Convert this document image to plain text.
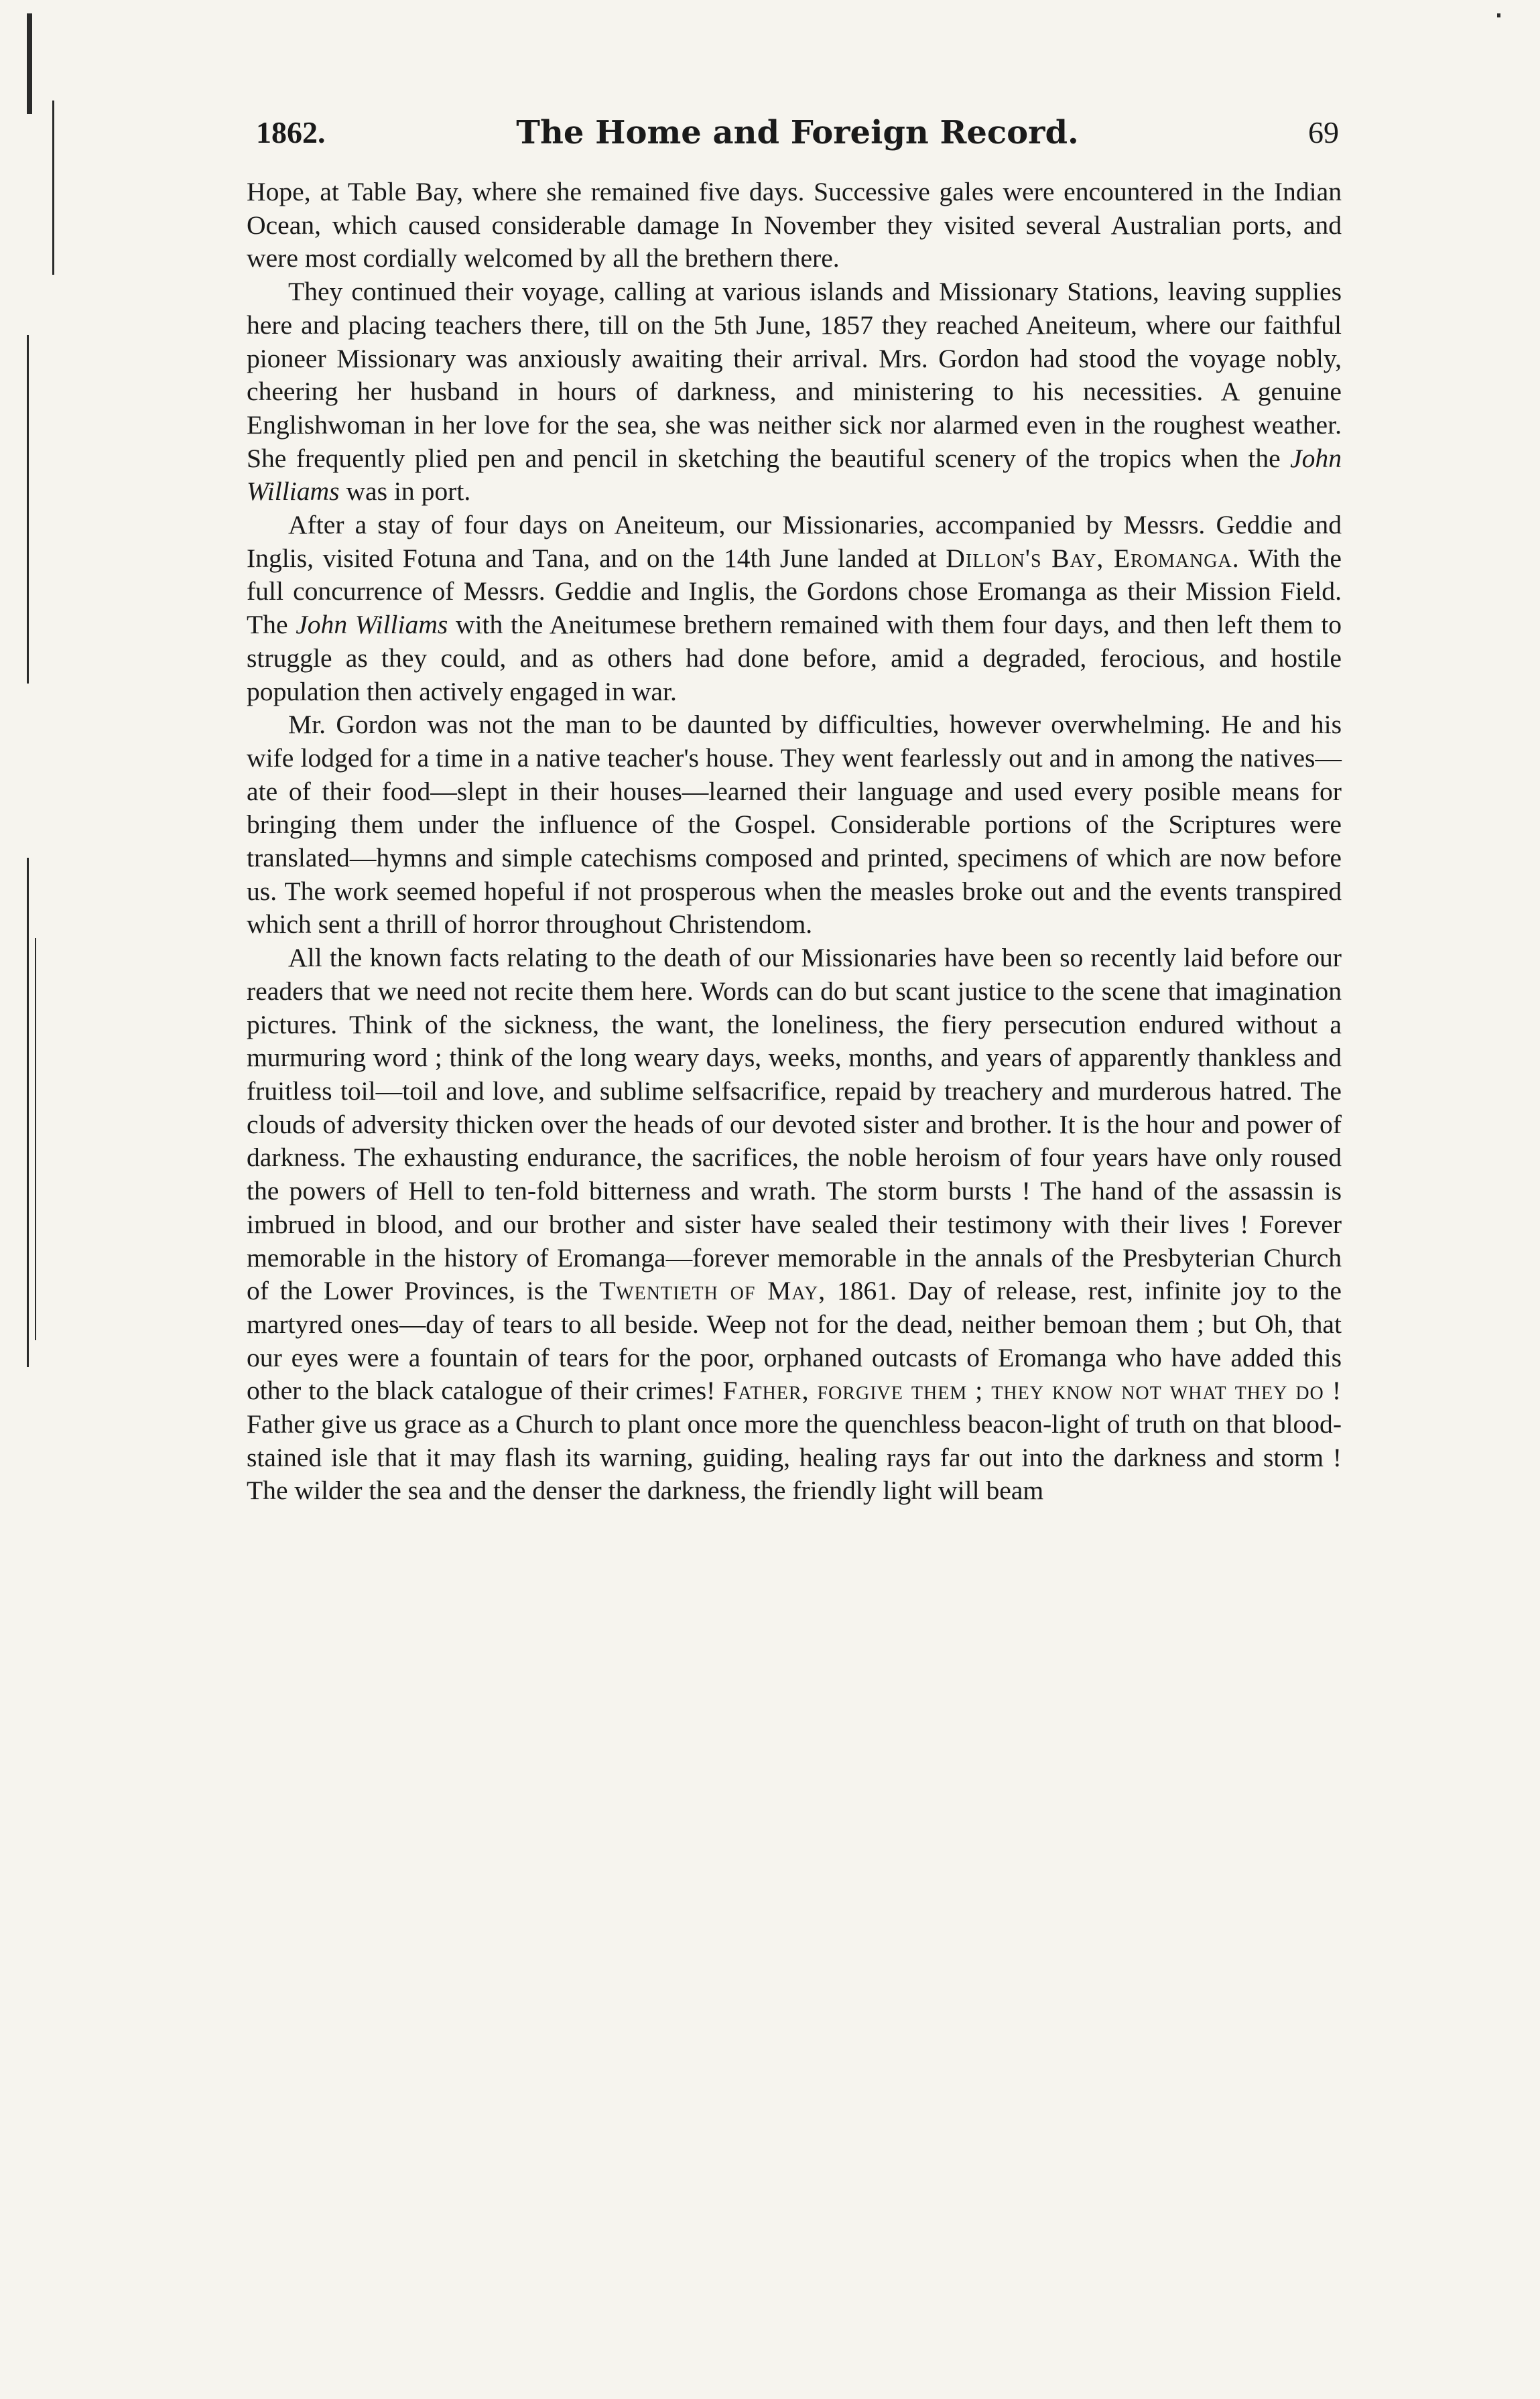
1862.	The Home and Foreign Record.	69

Hope, at Table Bay, where she remained five days. Successive gales were encountered in the Indian Ocean, which caused considerable damage In November they visited several Australian ports, and were most cordially welcomed by all the brethern there.

They continued their voyage, calling at various islands and Missionary Stations, leaving supplies here and placing teachers there, till on the 5th June, 1857 they reached Aneiteum, where our faithful pioneer Missionary was anxiously awaiting their arrival. Mrs. Gordon had stood the voyage nobly, cheering her husband in hours of darkness, and ministering to his necessities. A genuine Englishwoman in her love for the sea, she was neither sick nor alarmed even in the roughest weather. She frequently plied pen and pencil in sketching the beautiful scenery of the tropics when the John Williams was in port.

After a stay of four days on Aneiteum, our Missionaries, accompanied by Messrs. Geddie and Inglis, visited Fotuna and Tana, and on the 14th June landed at Dillon's Bay, Eromanga. With the full concurrence of Messrs. Geddie and Inglis, the Gordons chose Eromanga as their Mission Field. The John Williams with the Aneitumese brethern remained with them four days, and then left them to struggle as they could, and as others had done before, amid a degraded, ferocious, and hostile population then actively engaged in war.

Mr. Gordon was not the man to be daunted by difficulties, however overwhelming. He and his wife lodged for a time in a native teacher's house. They went fearlessly out and in among the natives—ate of their food—slept in their houses—learned their language and used every posible means for bringing them under the influence of the Gospel. Considerable portions of the Scriptures were translated—hymns and simple catechisms composed and printed, specimens of which are now before us. The work seemed hopeful if not prosperous when the measles broke out and the events transpired which sent a thrill of horror throughout Christendom.

All the known facts relating to the death of our Missionaries have been so recently laid before our readers that we need not recite them here. Words can do but scant justice to the scene that imagination pictures. Think of the sickness, the want, the loneliness, the fiery persecution endured without a murmuring word ; think of the long weary days, weeks, months, and years of apparently thankless and fruitless toil—toil and love, and sublime selfsacrifice, repaid by treachery and murderous hatred. The clouds of adversity thicken over the heads of our devoted sister and brother. It is the hour and power of darkness. The exhausting endurance, the sacrifices, the noble heroism of four years have only roused the powers of Hell to ten-fold bitterness and wrath. The storm bursts ! The hand of the assassin is imbrued in blood, and our brother and sister have sealed their testimony with their lives ! Forever memorable in the history of Eromanga—forever memorable in the annals of the Presbyterian Church of the Lower Provinces, is the Twentieth of May, 1861. Day of release, rest, infinite joy to the martyred ones—day of tears to all beside. Weep not for the dead, neither bemoan them ; but Oh, that our eyes were a fountain of tears for the poor, orphaned outcasts of Eromanga who have added this other to the black catalogue of their crimes! Father, forgive them ; they know not what they do ! Father give us grace as a Church to plant once more the quenchless beacon-light of truth on that blood-stained isle that it may flash its warning, guiding, healing rays far out into the darkness and storm ! The wilder the sea and the denser the darkness, the friendly light will beam
